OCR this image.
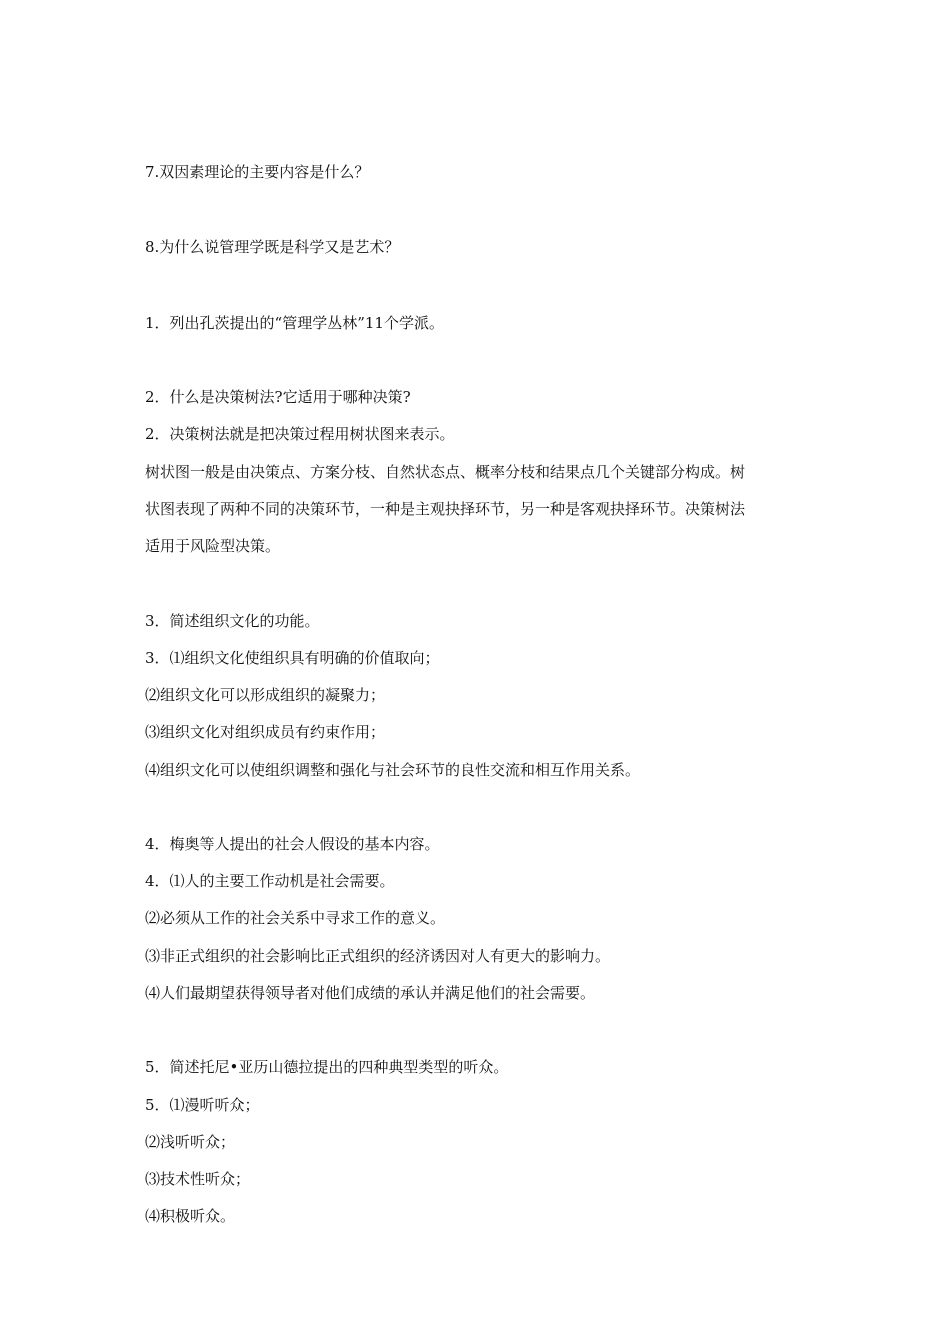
7.双因素理论的主要内容是什么？
8.为什么说管理学既是科学又是艺术？
1．列出孔茨提出的“管理学丛林”11个学派。
2．什么是决策树法?它适用于哪种决策?
2．决策树法就是把决策过程用树状图来表示。
树状图一般是由决策点、方案分枝、自然状态点、概率分枝和结果点几个关键部分构成。树
状图表现了两种不同的决策环节，一种是主观抉择环节，另一种是客观抉择环节。决策树法
适用于风险型决策。
3．简述组织文化的功能。
3．⑴组织文化使组织具有明确的价值取向；
⑵组织文化可以形成组织的凝聚力；
⑶组织文化对组织成员有约束作用；
⑷组织文化可以使组织调整和强化与社会环节的良性交流和相互作用关系。
4．梅奥等人提出的社会人假设的基本内容。
4．⑴人的主要工作动机是社会需要。
⑵必须从工作的社会关系中寻求工作的意义。
⑶非正式组织的社会影响比正式组织的经济诱因对人有更大的影响力。
⑷人们最期望获得领导者对他们成绩的承认并满足他们的社会需要。
5．简述托尼•亚历山德拉提出的四种典型类型的听众。
5．⑴漫听听众；
⑵浅听听众；
⑶技术性听众；
⑷积极听众。
